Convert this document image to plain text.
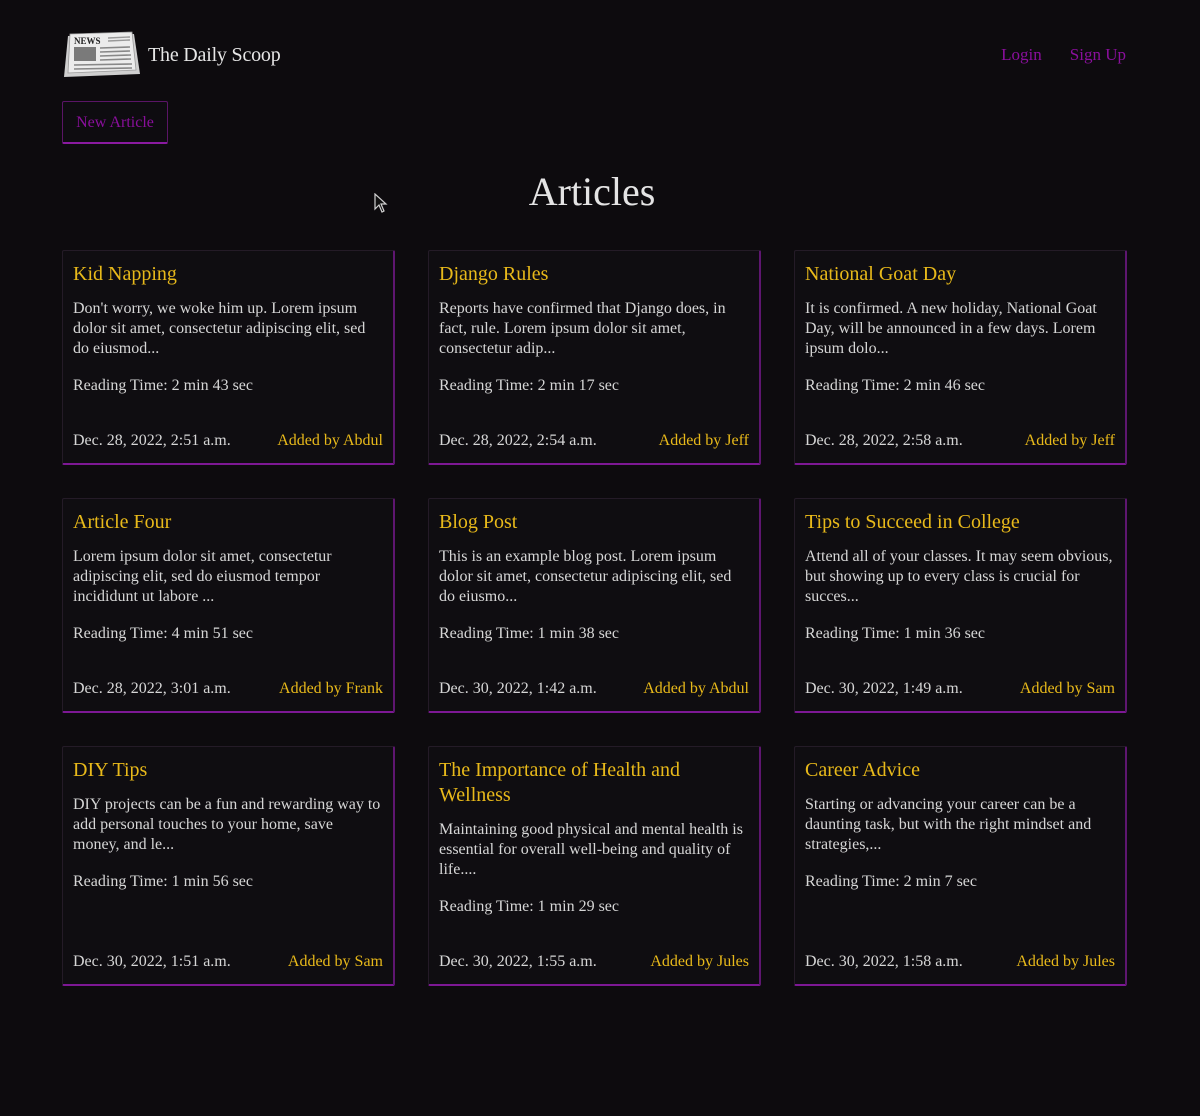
NEWS
The Daily Scoop	Login Sign Up
New Article
Articles
Kid Napping

Don't worry, we woke him up. Lorem ipsum dolor sit amet, consectetur adipiscing elit, sed do eiusmod...

Reading Time: 2 min 43 sec

Dec. 28, 2022, 2:51 a.m.	Added by Abdul
Django Rules

Reports have confirmed that Django does, in fact, rule. Lorem ipsum dolor sit amet, consectetur adip...

Reading Time: 2 min 17 sec

Dec. 28, 2022, 2:54 a.m.	Added by Jeff
National Goat Day

It is confirmed. A new holiday, National Goat Day, will be announced in a few days. Lorem ipsum dolo...

Reading Time: 2 min 46 sec

Dec. 28, 2022, 2:58 a.m.	Added by Jeff
Article Four

Lorem ipsum dolor sit amet, consectetur adipiscing elit, sed do eiusmod tempor incididunt ut labore ...

Reading Time: 4 min 51 sec

Dec. 28, 2022, 3:01 a.m.	Added by Frank
Blog Post

This is an example blog post. Lorem ipsum dolor sit amet, consectetur adipiscing elit, sed do eiusmo...

Reading Time: 1 min 38 sec

Dec. 30, 2022, 1:42 a.m.	Added by Abdul
Tips to Succeed in College

Attend all of your classes. It may seem obvious, but showing up to every class is crucial for succes...

Reading Time: 1 min 36 sec

Dec. 30, 2022, 1:49 a.m.	Added by Sam
DIY Tips

DIY projects can be a fun and rewarding way to add personal touches to your home, save money, and le...

Reading Time: 1 min 56 sec

Dec. 30, 2022, 1:51 a.m.	Added by Sam
The Importance of Health and Wellness

Maintaining good physical and mental health is essential for overall well-being and quality of life....

Reading Time: 1 min 29 sec

Dec. 30, 2022, 1:55 a.m.	Added by Jules
Career Advice

Starting or advancing your career can be a daunting task, but with the right mindset and strategies,...

Reading Time: 2 min 7 sec

Dec. 30, 2022, 1:58 a.m.	Added by Jules
